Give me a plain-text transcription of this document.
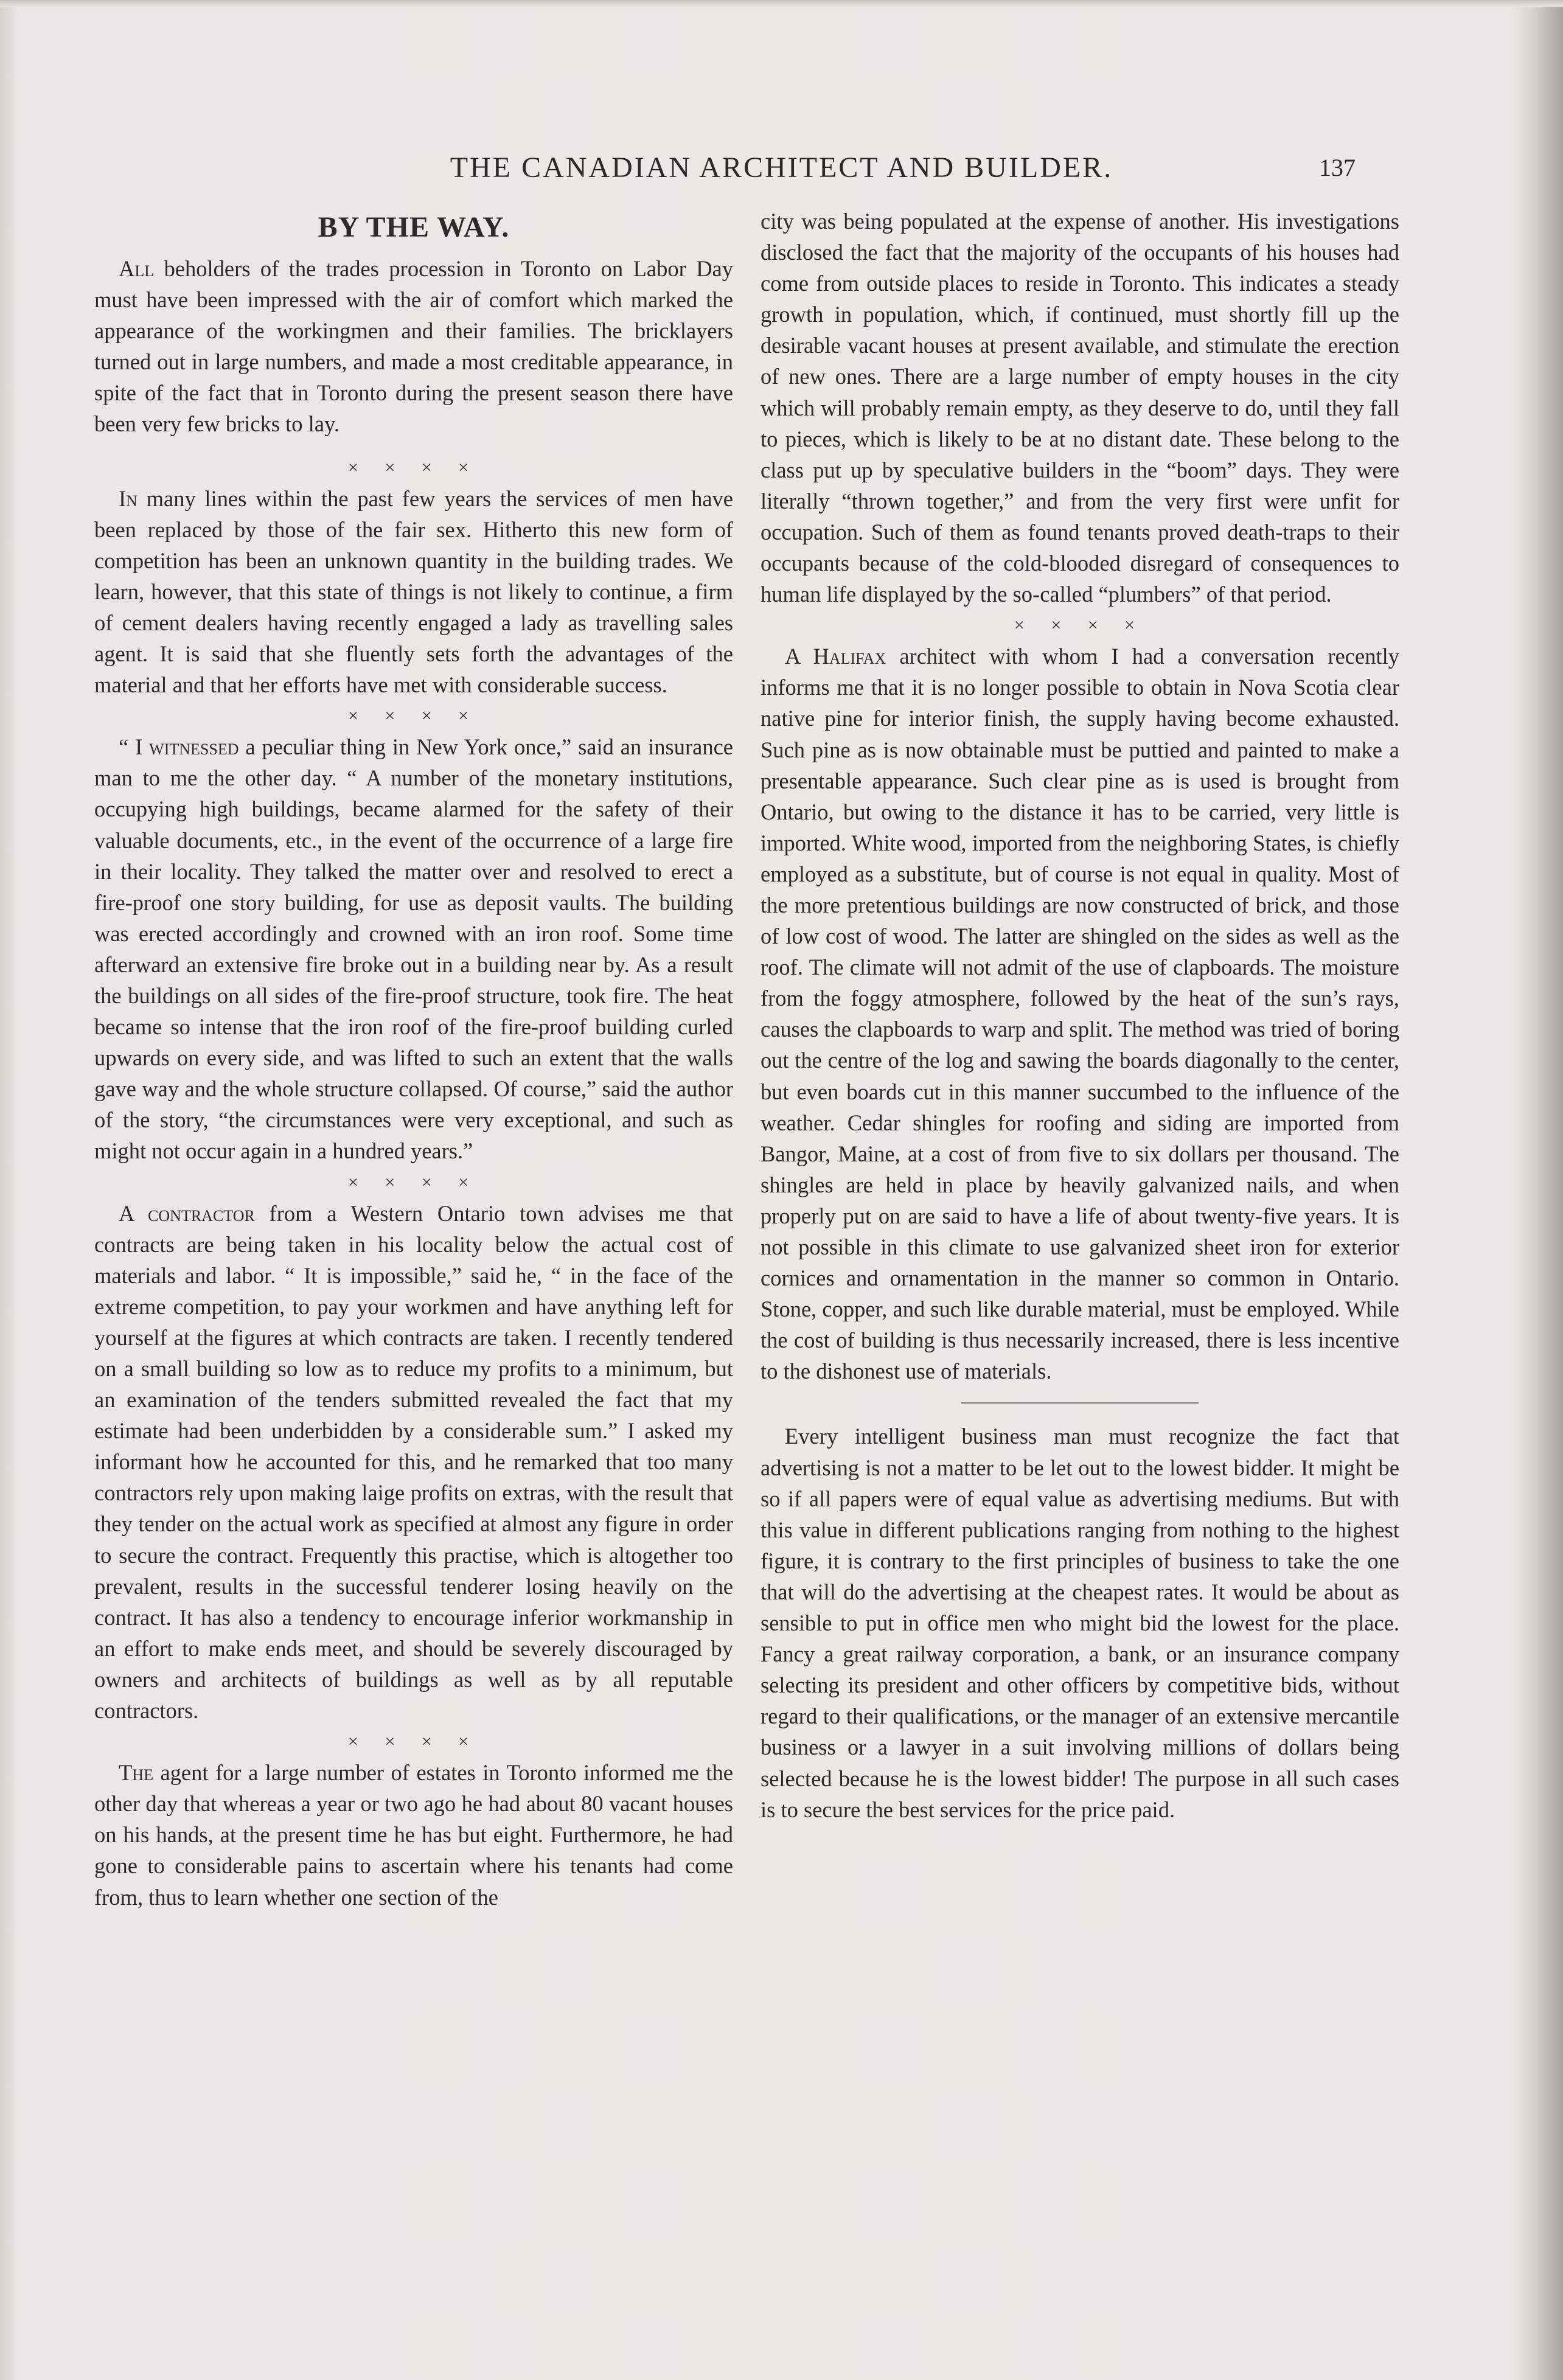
THE CANADIAN ARCHITECT AND BUILDER.	137
BY THE WAY.

All beholders of the trades procession in Toronto on Labor Day must have been impressed with the air of comfort which marked the appearance of the workingmen and their families. The bricklayers turned out in large numbers, and made a most creditable appearance, in spite of the fact that in Toronto during the present season there have been very few bricks to lay.

× × × ×

In many lines within the past few years the services of men have been replaced by those of the fair sex. Hitherto this new form of competition has been an unknown quantity in the building trades. We learn, however, that this state of things is not likely to continue, a firm of cement dealers having recently engaged a lady as travelling sales agent. It is said that she fluently sets forth the advantages of the material and that her efforts have met with considerable success.

× × × ×

“ I witnessed a peculiar thing in New York once,” said an insurance man to me the other day. “ A number of the monetary institutions, occupying high buildings, became alarmed for the safety of their valuable documents, etc., in the event of the occurrence of a large fire in their locality. They talked the matter over and resolved to erect a fire-proof one story building, for use as deposit vaults. The building was erected accordingly and crowned with an iron roof. Some time afterward an extensive fire broke out in a building near by. As a result the buildings on all sides of the fire-proof structure, took fire. The heat became so intense that the iron roof of the fire-proof building curled upwards on every side, and was lifted to such an extent that the walls gave way and the whole structure collapsed. Of course,” said the author of the story, “the circumstances were very exceptional, and such as might not occur again in a hundred years.”

× × × ×

A contractor from a Western Ontario town advises me that contracts are being taken in his locality below the actual cost of materials and labor. “ It is impossible,” said he, “ in the face of the extreme competition, to pay your workmen and have anything left for yourself at the figures at which contracts are taken. I recently tendered on a small building so low as to reduce my profits to a minimum, but an examination of the tenders submitted revealed the fact that my estimate had been underbidden by a considerable sum.” I asked my informant how he accounted for this, and he remarked that too many contractors rely upon making laige profits on extras, with the result that they tender on the actual work as specified at almost any figure in order to secure the contract. Frequently this practise, which is altogether too prevalent, results in the successful tenderer losing heavily on the contract. It has also a tendency to encourage inferior workmanship in an effort to make ends meet, and should be severely discouraged by owners and architects of buildings as well as by all reputable contractors.

× × × ×

The agent for a large number of estates in Toronto informed me the other day that whereas a year or two ago he had about 80 vacant houses on his hands, at the present time he has but eight. Furthermore, he had gone to considerable pains to ascertain where his tenants had come from, thus to learn whether one section of the

city was being populated at the expense of another. His investigations disclosed the fact that the majority of the occupants of his houses had come from outside places to reside in Toronto. This indicates a steady growth in population, which, if continued, must shortly fill up the desirable vacant houses at present available, and stimulate the erection of new ones. There are a large number of empty houses in the city which will probably remain empty, as they deserve to do, until they fall to pieces, which is likely to be at no distant date. These belong to the class put up by speculative builders in the “boom” days. They were literally “thrown together,” and from the very first were unfit for occupation. Such of them as found tenants proved death-traps to their occupants because of the cold-blooded disregard of consequences to human life displayed by the so-called “plumbers” of that period.

× × × ×

A Halifax architect with whom I had a conversation recently informs me that it is no longer possible to obtain in Nova Scotia clear native pine for interior finish, the supply having become exhausted. Such pine as is now obtainable must be puttied and painted to make a presentable appearance. Such clear pine as is used is brought from Ontario, but owing to the distance it has to be carried, very little is imported. White wood, imported from the neighboring States, is chiefly employed as a substitute, but of course is not equal in quality. Most of the more pretentious buildings are now constructed of brick, and those of low cost of wood. The latter are shingled on the sides as well as the roof. The climate will not admit of the use of clapboards. The moisture from the foggy atmosphere, followed by the heat of the sun’s rays, causes the clapboards to warp and split. The method was tried of boring out the centre of the log and sawing the boards diagonally to the center, but even boards cut in this manner succumbed to the influence of the weather. Cedar shingles for roofing and siding are imported from Bangor, Maine, at a cost of from five to six dollars per thousand. The shingles are held in place by heavily galvanized nails, and when properly put on are said to have a life of about twenty-five years. It is not possible in this climate to use galvanized sheet iron for exterior cornices and ornamentation in the manner so common in Ontario. Stone, copper, and such like durable material, must be employed. While the cost of building is thus necessarily increased, there is less incentive to the dishonest use of materials.

Every intelligent business man must recognize the fact that advertising is not a matter to be let out to the lowest bidder. It might be so if all papers were of equal value as advertising mediums. But with this value in different publications ranging from nothing to the highest figure, it is contrary to the first principles of business to take the one that will do the advertising at the cheapest rates. It would be about as sensible to put in office men who might bid the lowest for the place. Fancy a great railway corporation, a bank, or an insurance company selecting its president and other officers by competitive bids, without regard to their qualifications, or the manager of an extensive mercantile business or a lawyer in a suit involving millions of dollars being selected because he is the lowest bidder! The purpose in all such cases is to secure the best services for the price paid.
